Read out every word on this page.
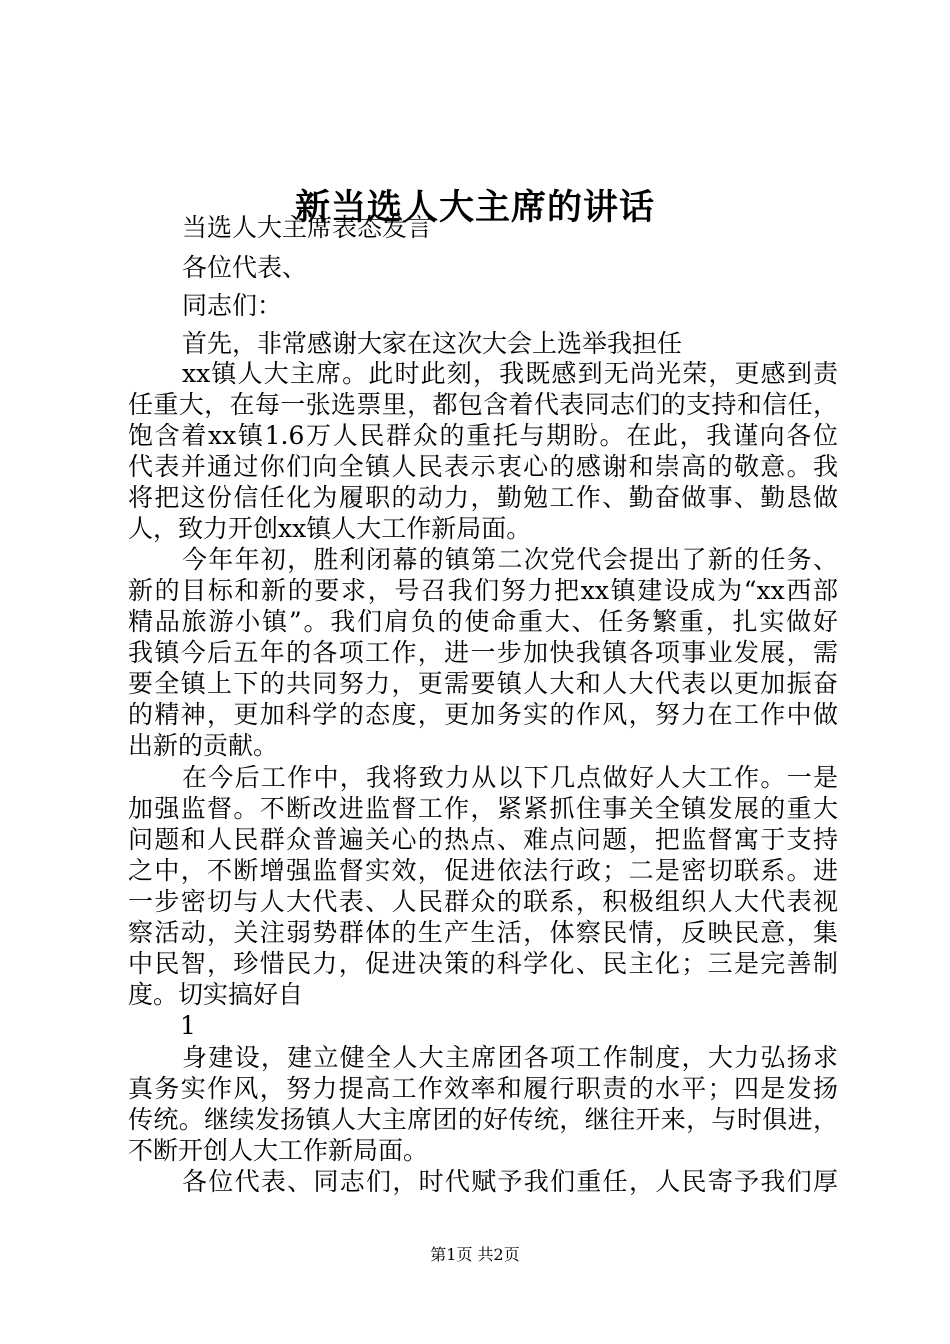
新当选人大主席的讲话
1
第1页 共2页
当选人大主席表态发言
各位代表、
同志们：
首先，非常感谢大家在这次大会上选举我担任
xx镇人大主席。此时此刻，我既感到无尚光荣，更感到责
任重大，在每一张选票里，都包含着代表同志们的支持和信任，
饱含着xx镇1.6万人民群众的重托与期盼。在此，我谨向各位
代表并通过你们向全镇人民表示衷心的感谢和崇高的敬意。我
将把这份信任化为履职的动力，勤勉工作、勤奋做事、勤恳做
人，致力开创xx镇人大工作新局面。
今年年初，胜利闭幕的镇第二次党代会提出了新的任务、
新的目标和新的要求，号召我们努力把xx镇建设成为“xx西部
精品旅游小镇”。我们肩负的使命重大、任务繁重，扎实做好
我镇今后五年的各项工作，进一步加快我镇各项事业发展，需
要全镇上下的共同努力，更需要镇人大和人大代表以更加振奋
的精神，更加科学的态度，更加务实的作风，努力在工作中做
出新的贡献。
在今后工作中，我将致力从以下几点做好人大工作。一是
加强监督。不断改进监督工作，紧紧抓住事关全镇发展的重大
问题和人民群众普遍关心的热点、难点问题，把监督寓于支持
之中，不断增强监督实效，促进依法行政；二是密切联系。进
一步密切与人大代表、人民群众的联系，积极组织人大代表视
察活动，关注弱势群体的生产生活，体察民情，反映民意，集
中民智，珍惜民力，促进决策的科学化、民主化；三是完善制
度。切实搞好自
身建设，建立健全人大主席团各项工作制度，大力弘扬求
真务实作风，努力提高工作效率和履行职责的水平；四是发扬
传统。继续发扬镇人大主席团的好传统，继往开来，与时俱进，
不断开创人大工作新局面。
各位代表、同志们，时代赋予我们重任，人民寄予我们厚
